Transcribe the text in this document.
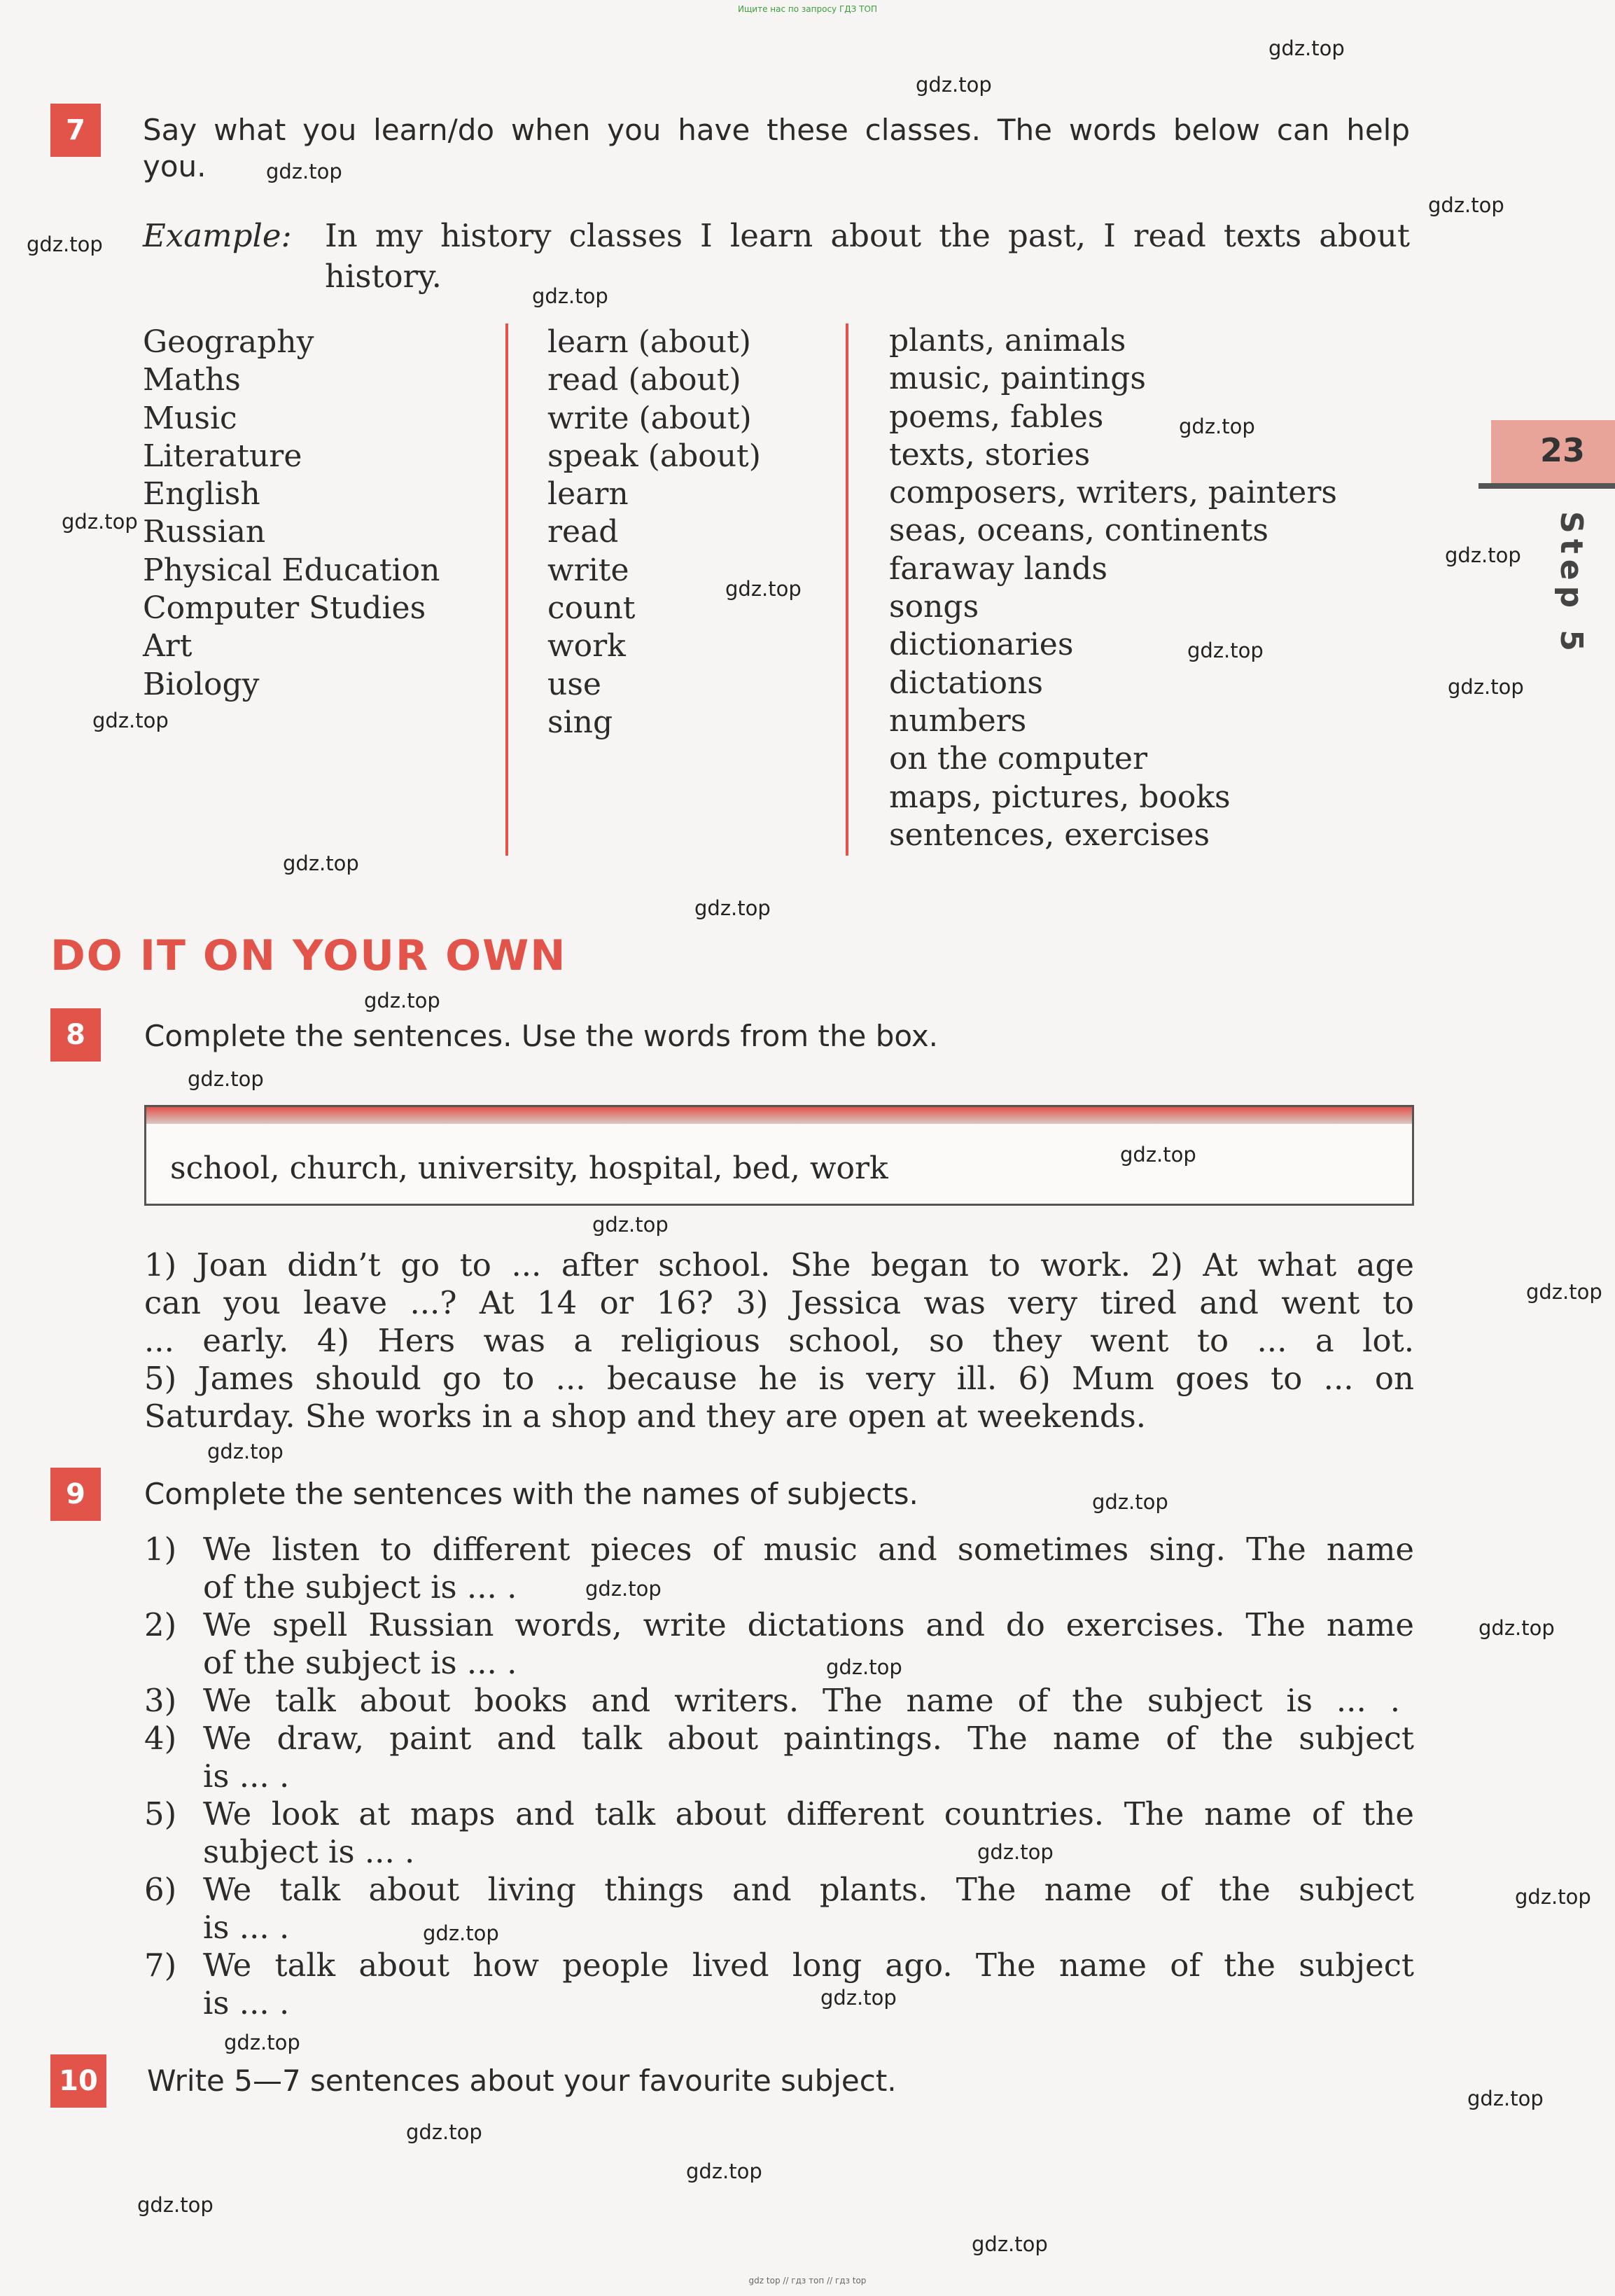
Ищите нас по запросу ГДЗ ТОП
23
Step 5
7	Say what you learn/do when you have these classes. The words below can help
you.
Example: In my history classes I learn about the past, I read texts about
history.
Geography
Maths
Music
Literature
English
Russian
Physical Education
Computer Studies
Art
Biology
learn (about)
read (about)
write (about)
speak (about)
learn
read
write
count
work
use
sing
plants, animals
music, paintings
poems, fables
texts, stories
composers, writers, painters
seas, oceans, continents
faraway lands
songs
dictionaries
dictations
numbers
on the computer
maps, pictures, books
sentences, exercises
DO IT ON YOUR OWN
8	Complete the sentences. Use the words from the box.
school, church, university, hospital, bed, work
1) Joan didn’t go to ... after school. She began to work. 2) At what age
can you leave ...? At 14 or 16? 3) Jessica was very tired and went to
... early. 4) Hers was a religious school, so they went to ... a lot.
5) James should go to ... because he is very ill. 6) Mum goes to ... on
Saturday. She works in a shop and they are open at weekends.
9	Complete the sentences with the names of subjects.
1) We listen to different pieces of music and sometimes sing. The name
of the subject is ... .
2) We spell Russian words, write dictations and do exercises. The name
of the subject is ... .
3) We talk about books and writers. The name of the subject is ... .
4) We draw, paint and talk about paintings. The name of the subject
is ... .
5) We look at maps and talk about different countries. The name of the
subject is ... .
6) We talk about living things and plants. The name of the subject
is ... .
7) We talk about how people lived long ago. The name of the subject
is ... .
10 Write 5—7 sentences about your favourite subject.
gdz.top
gdz.top
gdz.top
gdz.top
gdz.top
gdz.top
gdz.top
gdz.top
gdz.top
gdz.top
gdz.top
gdz.top
gdz.top
gdz.top
gdz.top
gdz.top
gdz.top
gdz.top
gdz.top
gdz.top
gdz.top
gdz.top
gdz.top
gdz.top
gdz.top
gdz.top
gdz.top
gdz.top
gdz.top
gdz.top
gdz.top
gdz.top
gdz.top
gdz.top
gdz.top
gdz top // гдз топ // гдз top
